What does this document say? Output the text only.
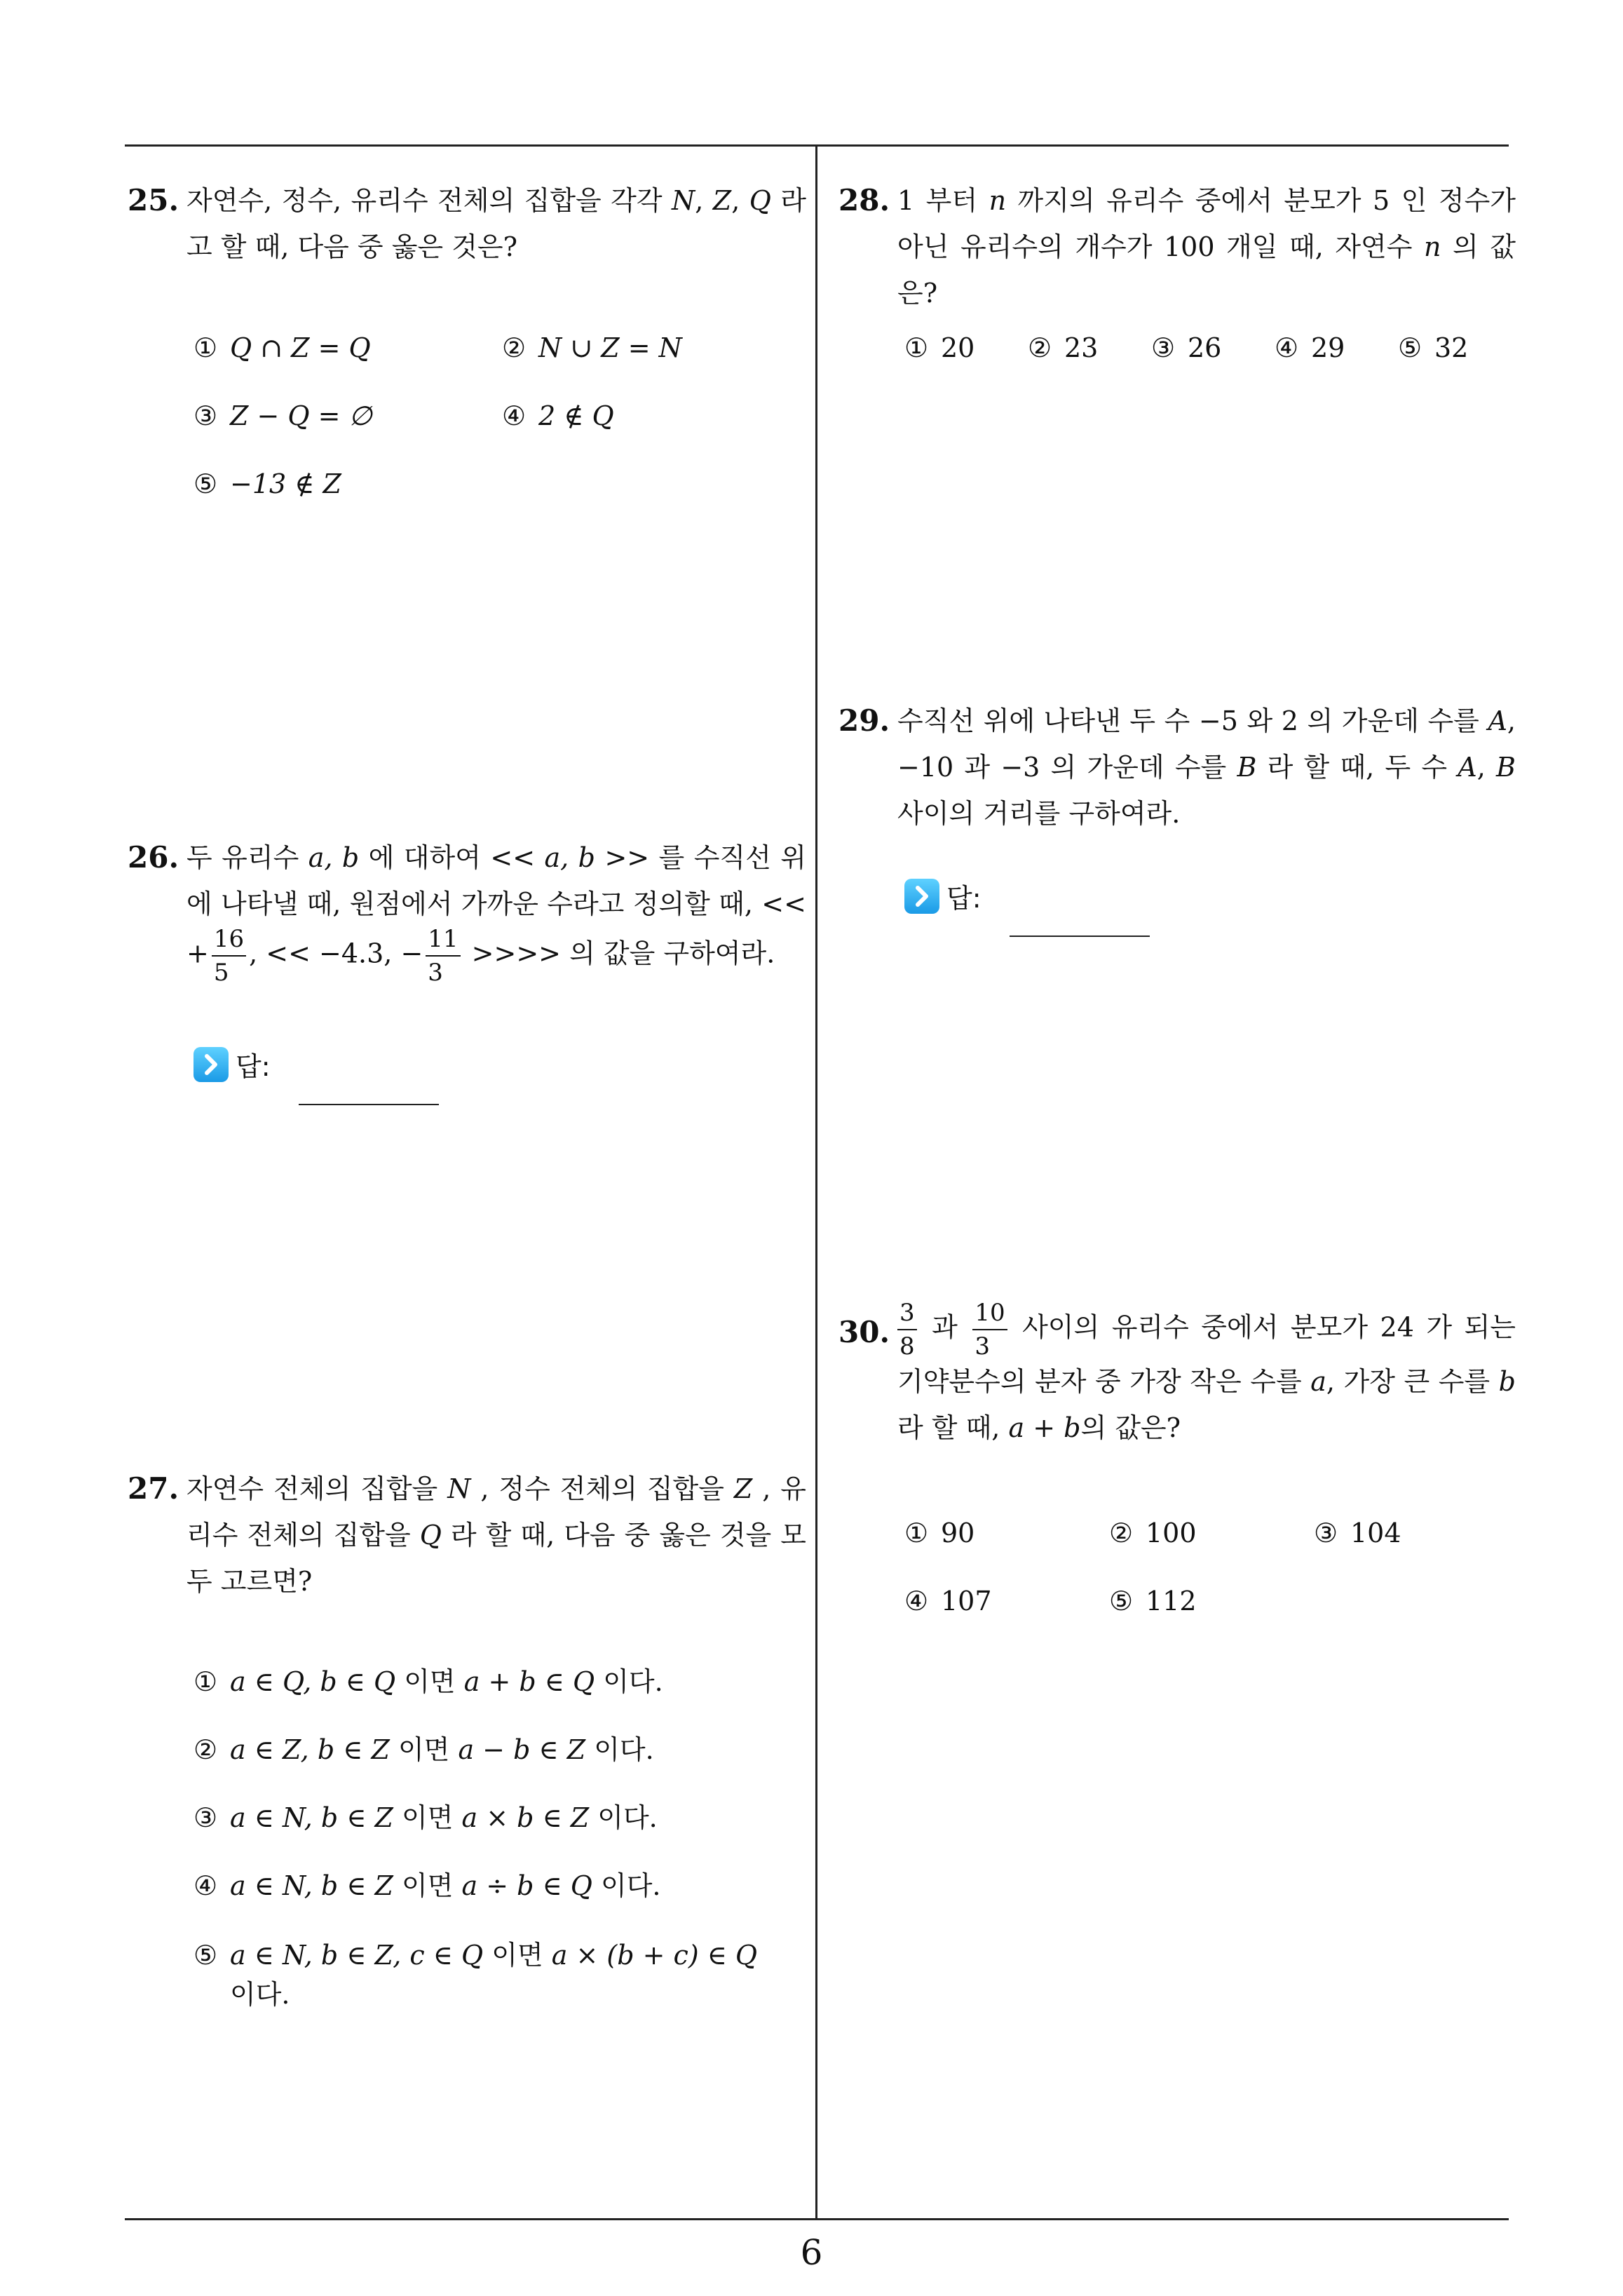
25. 자연수, 정수, 유리수 전체의 집합을 각각 N, Z, Q 라고 할 때, 다음 중 옳은 것은?
① Q ∩ Z = Q	② N ∪ Z = N
③ Z − Q = ∅	④ 2 ∉ Q
⑤ −13 ∉ Z
26. 두 유리수 a, b 에 대하여 << a, b >> 를 수직선 위에 나타낼 때, 원점에서 가까운 수라고 정의할 때, << + $\frac{16}{5}$ , << −4.3, − $\frac{11}{3}$ >>>> 의 값을 구하여라.
답:
27. 자연수 전체의 집합을 N , 정수 전체의 집합을 Z , 유리수 전체의 집합을 Q 라 할 때, 다음 중 옳은 것을 모두 고르면?
① a ∈ Q, b ∈ Q 이면 a + b ∈ Q 이다.
② a ∈ Z, b ∈ Z 이면 a − b ∈ Z 이다.
③ a ∈ N, b ∈ Z 이면 a × b ∈ Z 이다.
④ a ∈ N, b ∈ Z 이면 a ÷ b ∈ Q 이다.
⑤ a ∈ N, b ∈ Z, c ∈ Q 이면 a × (b + c) ∈ Q
이다.
28. 1 부터 n 까지의 유리수 중에서 분모가 5 인 정수가 아닌 유리수의 개수가 100 개일 때, 자연수 n 의 값은?
① 20 ② 23 ③ 26 ④ 29 ⑤ 32
29. 수직선 위에 나타낸 두 수 −5 와 2 의 가운데 수를 A, −10 과 −3 의 가운데 수를 B 라 할 때, 두 수 A, B 사이의 거리를 구하여라.
답:
30. $\frac{3}{8}$ 과 $\frac{10}{3}$ 사이의 유리수 중에서 분모가 24 가 되는 기약분수의 분자 중 가장 작은 수를 a, 가장 큰 수를 b 라 할 때, a + b의 값은?
① 90	② 100	③ 104
④ 107	⑤ 112
6
